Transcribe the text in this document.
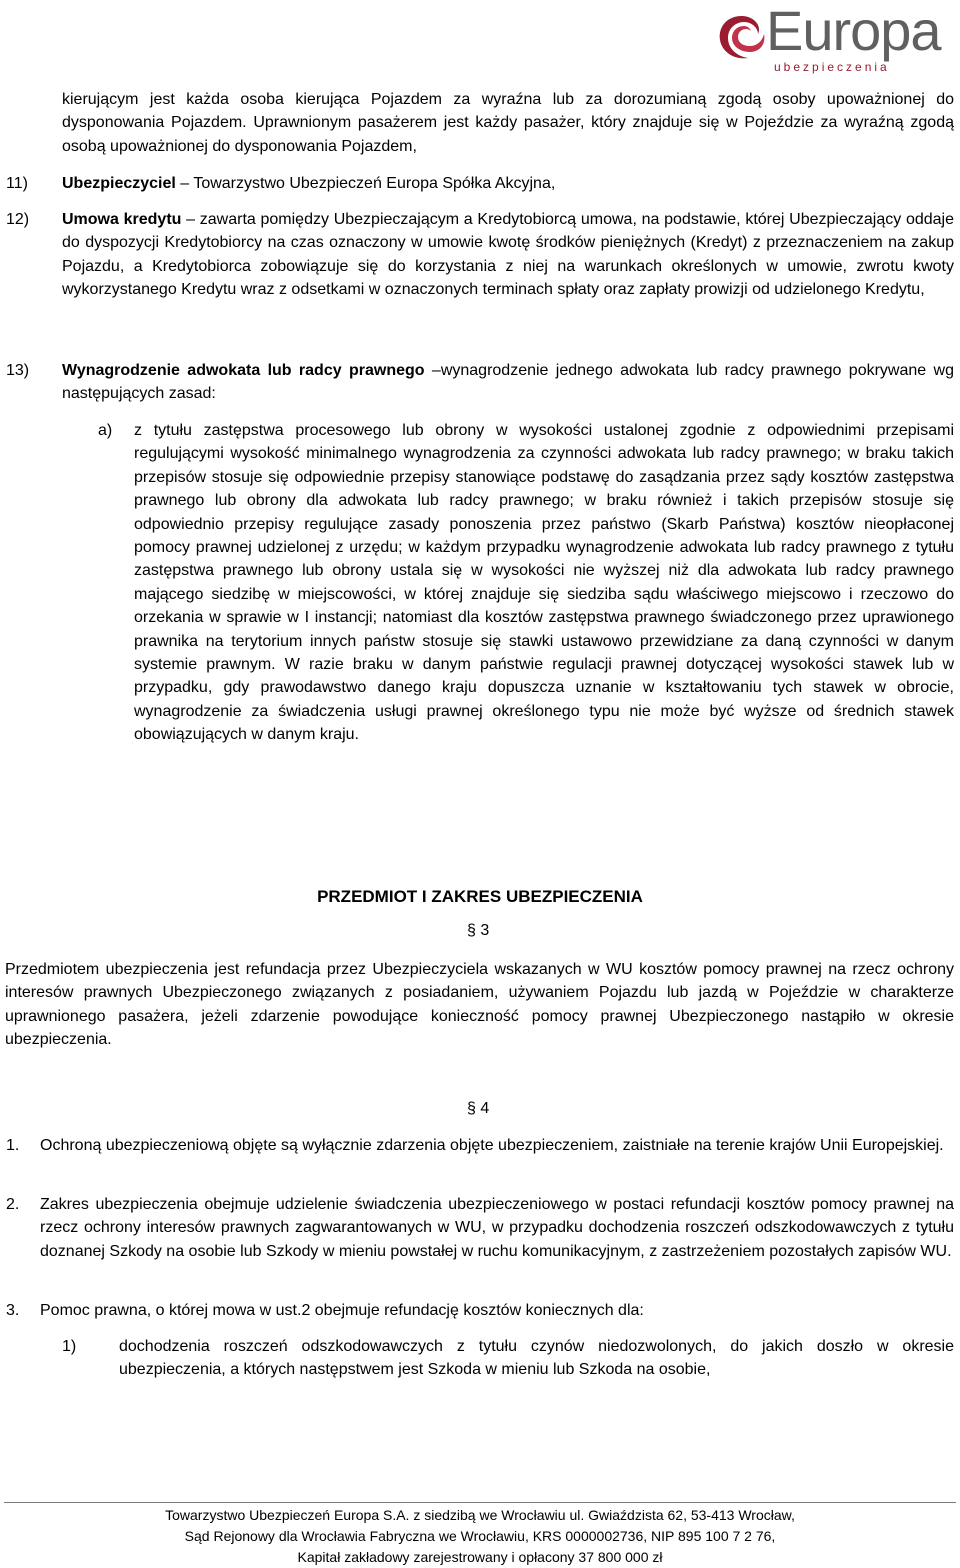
Europa
ubezpieczenia

kierującym jest każda osoba kierująca Pojazdem za wyraźna lub za dorozumianą zgodą osoby upoważnionej do dysponowania Pojazdem. Uprawnionym pasażerem jest każdy pasażer, który znajduje się w Pojeździe za wyraźną zgodą osobą upoważnionej do dysponowania Pojazdem,

11) Ubezpieczyciel – Towarzystwo Ubezpieczeń Europa Spółka Akcyjna,

12) Umowa kredytu – zawarta pomiędzy Ubezpieczającym a Kredytobiorcą umowa, na podstawie, której Ubezpieczający oddaje do dyspozycji Kredytobiorcy na czas oznaczony w umowie kwotę środków pieniężnych (Kredyt) z przeznaczeniem na zakup Pojazdu, a Kredytobiorca zobowiązuje się do korzystania z niej na warunkach określonych w umowie, zwrotu kwoty wykorzystanego Kredytu wraz z odsetkami w oznaczonych terminach spłaty oraz zapłaty prowizji od udzielonego Kredytu,

13) Wynagrodzenie adwokata lub radcy prawnego –wynagrodzenie jednego adwokata lub radcy prawnego pokrywane wg następujących zasad:

a) z tytułu zastępstwa procesowego lub obrony w wysokości ustalonej zgodnie z odpowiednimi przepisami regulującymi wysokość minimalnego wynagrodzenia za czynności adwokata lub radcy prawnego; w braku takich przepisów stosuje się odpowiednie przepisy stanowiące podstawę do zasądzania przez sądy kosztów zastępstwa prawnego lub obrony dla adwokata lub radcy prawnego; w braku również i takich przepisów stosuje się odpowiednio przepisy regulujące zasady ponoszenia przez państwo (Skarb Państwa) kosztów nieopłaconej pomocy prawnej udzielonej z urzędu; w każdym przypadku wynagrodzenie adwokata lub radcy prawnego z tytułu zastępstwa prawnego lub obrony ustala się w wysokości nie wyższej niż dla adwokata lub radcy prawnego mającego siedzibę w miejscowości, w której znajduje się siedziba sądu właściwego miejscowo i rzeczowo do orzekania w sprawie w I instancji; natomiast dla kosztów zastępstwa prawnego świadczonego przez uprawionego prawnika na terytorium innych państw stosuje się stawki ustawowo przewidziane za daną czynności w danym systemie prawnym. W razie braku w danym państwie regulacji prawnej dotyczącej wysokości stawek lub w przypadku, gdy prawodawstwo danego kraju dopuszcza uznanie w kształtowaniu tych stawek w obrocie, wynagrodzenie za świadczenia usługi prawnej określonego typu nie może być wyższe od średnich stawek obowiązujących w danym kraju.

PRZEDMIOT I ZAKRES UBEZPIECZENIA
§ 3

Przedmiotem ubezpieczenia jest refundacja przez Ubezpieczyciela wskazanych w WU kosztów pomocy prawnej na rzecz ochrony interesów prawnych Ubezpieczonego związanych z posiadaniem, używaniem Pojazdu lub jazdą w Pojeździe w charakterze uprawnionego pasażera, jeżeli zdarzenie powodujące konieczność pomocy prawnej Ubezpieczonego nastąpiło w okresie ubezpieczenia.

§ 4
1. Ochroną ubezpieczeniową objęte są wyłącznie zdarzenia objęte ubezpieczeniem, zaistniałe na terenie krajów Unii Europejskiej.

2. Zakres ubezpieczenia obejmuje udzielenie świadczenia ubezpieczeniowego w postaci refundacji kosztów pomocy prawnej na rzecz ochrony interesów prawnych zagwarantowanych w WU, w przypadku dochodzenia roszczeń odszkodowawczych z tytułu doznanej Szkody na osobie lub Szkody w mieniu powstałej w ruchu komunikacyjnym, z zastrzeżeniem pozostałych zapisów WU.

3. Pomoc prawna, o której mowa w ust.2 obejmuje refundację kosztów koniecznych dla:

1)	dochodzenia roszczeń odszkodowawczych z tytułu czynów niedozwolonych, do jakich doszło w okresie ubezpieczenia, a których następstwem jest Szkoda w mieniu lub Szkoda na osobie,

Towarzystwo Ubezpieczeń Europa S.A. z siedzibą we Wrocławiu ul. Gwiaździsta 62, 53-413 Wrocław,
Sąd Rejonowy dla Wrocławia Fabryczna we Wrocławiu, KRS 0000002736, NIP 895 100 7 2 76,
Kapitał zakładowy zarejestrowany i opłacony 37 800 000 zł
